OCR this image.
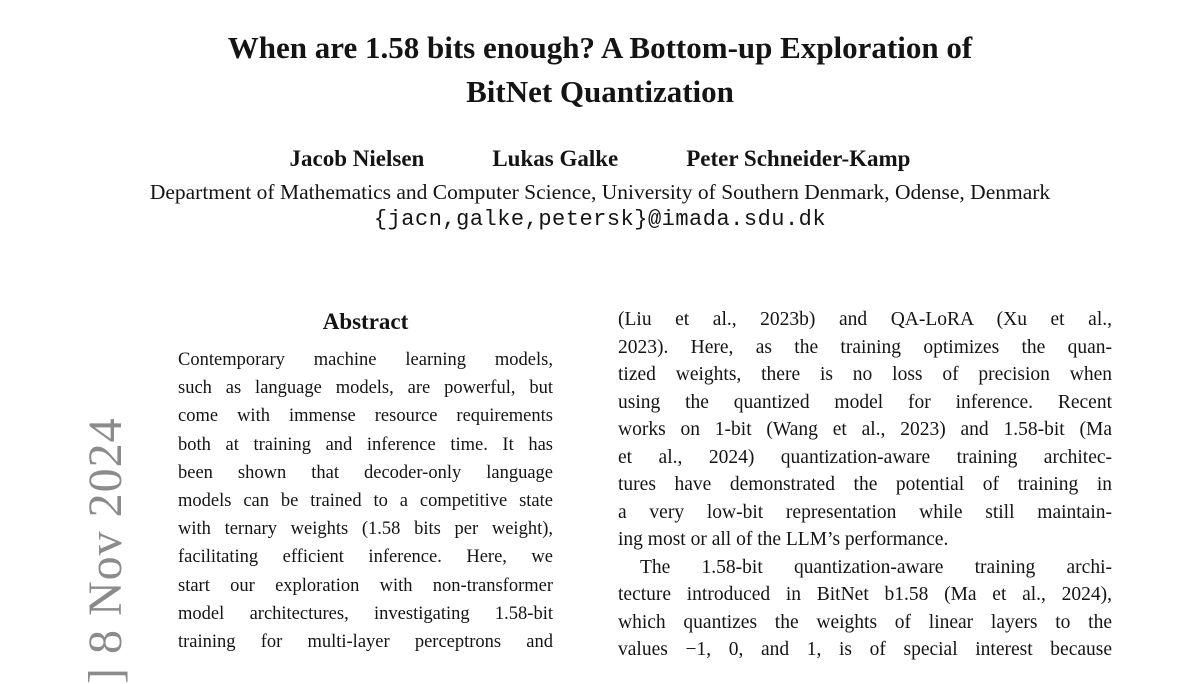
] 8 Nov 2024
When are 1.58 bits enough? A Bottom-up Exploration of
BitNet Quantization
Jacob Nielsen	Lukas Galke	Peter Schneider-Kamp
Department of Mathematics and Computer Science, University of Southern Denmark, Odense, Denmark
{jacn,galke,petersk}@imada.sdu.dk
Abstract
Contemporary machine learning models,
such as language models, are powerful, but
come with immense resource requirements
both at training and inference time. It has
been shown that decoder-only language
models can be trained to a competitive state
with ternary weights (1.58 bits per weight),
facilitating efficient inference. Here, we
start our exploration with non-transformer
model architectures, investigating 1.58-bit
training for multi-layer perceptrons and
(Liu et al., 2023b) and QA-LoRA (Xu et al.,
2023). Here, as the training optimizes the quan-
tized weights, there is no loss of precision when
using the quantized model for inference. Recent
works on 1-bit (Wang et al., 2023) and 1.58-bit (Ma
et al., 2024) quantization-aware training architec-
tures have demonstrated the potential of training in
a very low-bit representation while still maintain-
ing most or all of the LLM’s performance.
The 1.58-bit quantization-aware training archi-
tecture introduced in BitNet b1.58 (Ma et al., 2024),
which quantizes the weights of linear layers to the
values −1, 0, and 1, is of special interest because
